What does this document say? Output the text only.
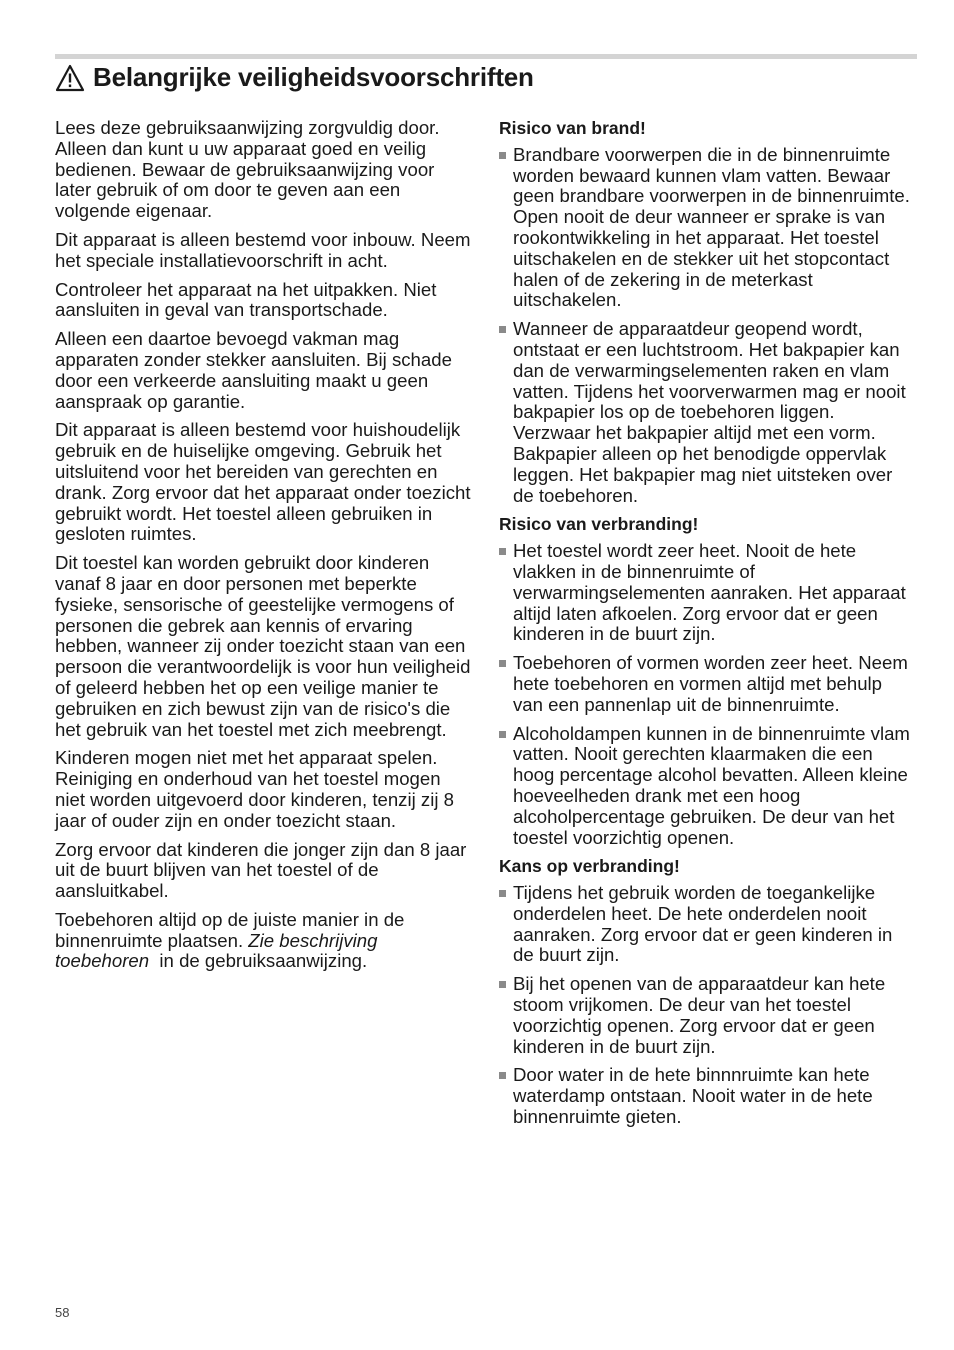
Belangrijke veiligheidsvoorschriften

Lees deze gebruiksaanwijzing zorgvuldig door. Alleen dan kunt u uw apparaat goed en veilig bedienen. Bewaar de gebruiksaanwijzing voor later gebruik of om door te geven aan een volgende eigenaar.

Dit apparaat is alleen bestemd voor inbouw. Neem het speciale installatievoorschrift in acht.

Controleer het apparaat na het uitpakken. Niet aansluiten in geval van transportschade.

Alleen een daartoe bevoegd vakman mag apparaten zonder stekker aansluiten. Bij schade door een verkeerde aansluiting maakt u geen aanspraak op garantie.

Dit apparaat is alleen bestemd voor huishoudelijk gebruik en de huiselijke omgeving. Gebruik het uitsluitend voor het bereiden van gerechten en drank. Zorg ervoor dat het apparaat onder toezicht gebruikt wordt. Het toestel alleen gebruiken in gesloten ruimtes.

Dit toestel kan worden gebruikt door kinderen vanaf 8 jaar en door personen met beperkte fysieke, sensorische of geestelijke vermogens of personen die gebrek aan kennis of ervaring hebben, wanneer zij onder toezicht staan van een persoon die verantwoordelijk is voor hun veiligheid of geleerd hebben het op een veilige manier te gebruiken en zich bewust zijn van de risico's die het gebruik van het toestel met zich meebrengt.

Kinderen mogen niet met het apparaat spelen. Reiniging en onderhoud van het toestel mogen niet worden uitgevoerd door kinderen, tenzij zij 8 jaar of ouder zijn en onder toezicht staan.

Zorg ervoor dat kinderen die jonger zijn dan 8 jaar uit de buurt blijven van het toestel of de aansluitkabel.

Toebehoren altijd op de juiste manier in de binnenruimte plaatsen. Zie beschrijving toebehoren  in de gebruiksaanwijzing.

Risico van brand!
Brandbare voorwerpen die in de binnenruimte worden bewaard kunnen vlam vatten. Bewaar geen brandbare voorwerpen in de binnenruimte. Open nooit de deur wanneer er sprake is van rookontwikkeling in het apparaat. Het toestel uitschakelen en de stekker uit het stopcontact halen of de zekering in de meterkast uitschakelen.
Wanneer de apparaatdeur geopend wordt, ontstaat er een luchtstroom. Het bakpapier kan dan de verwarmingselementen raken en vlam vatten. Tijdens het voorverwarmen mag er nooit bakpapier los op de toebehoren liggen. Verzwaar het bakpapier altijd met een vorm. Bakpapier alleen op het benodigde oppervlak leggen. Het bakpapier mag niet uitsteken over de toebehoren.
Risico van verbranding!
Het toestel wordt zeer heet. Nooit de hete vlakken in de binnenruimte of verwarmingselementen aanraken. Het apparaat altijd laten afkoelen. Zorg ervoor dat er geen kinderen in de buurt zijn.
Toebehoren of vormen worden zeer heet. Neem hete toebehoren en vormen altijd met behulp van een pannenlap uit de binnenruimte.
Alcoholdampen kunnen in de binnenruimte vlam vatten. Nooit gerechten klaarmaken die een hoog percentage alcohol bevatten. Alleen kleine hoeveelheden drank met een hoog alcoholpercentage gebruiken. De deur van het toestel voorzichtig openen.
Kans op verbranding!
Tijdens het gebruik worden de toegankelijke onderdelen heet. De hete onderdelen nooit aanraken. Zorg ervoor dat er geen kinderen in de buurt zijn.
Bij het openen van de apparaatdeur kan hete stoom vrijkomen. De deur van het toestel voorzichtig openen. Zorg ervoor dat er geen kinderen in de buurt zijn.
Door water in de hete binnnruimte kan hete waterdamp ontstaan. Nooit water in de hete binnenruimte gieten.
58
